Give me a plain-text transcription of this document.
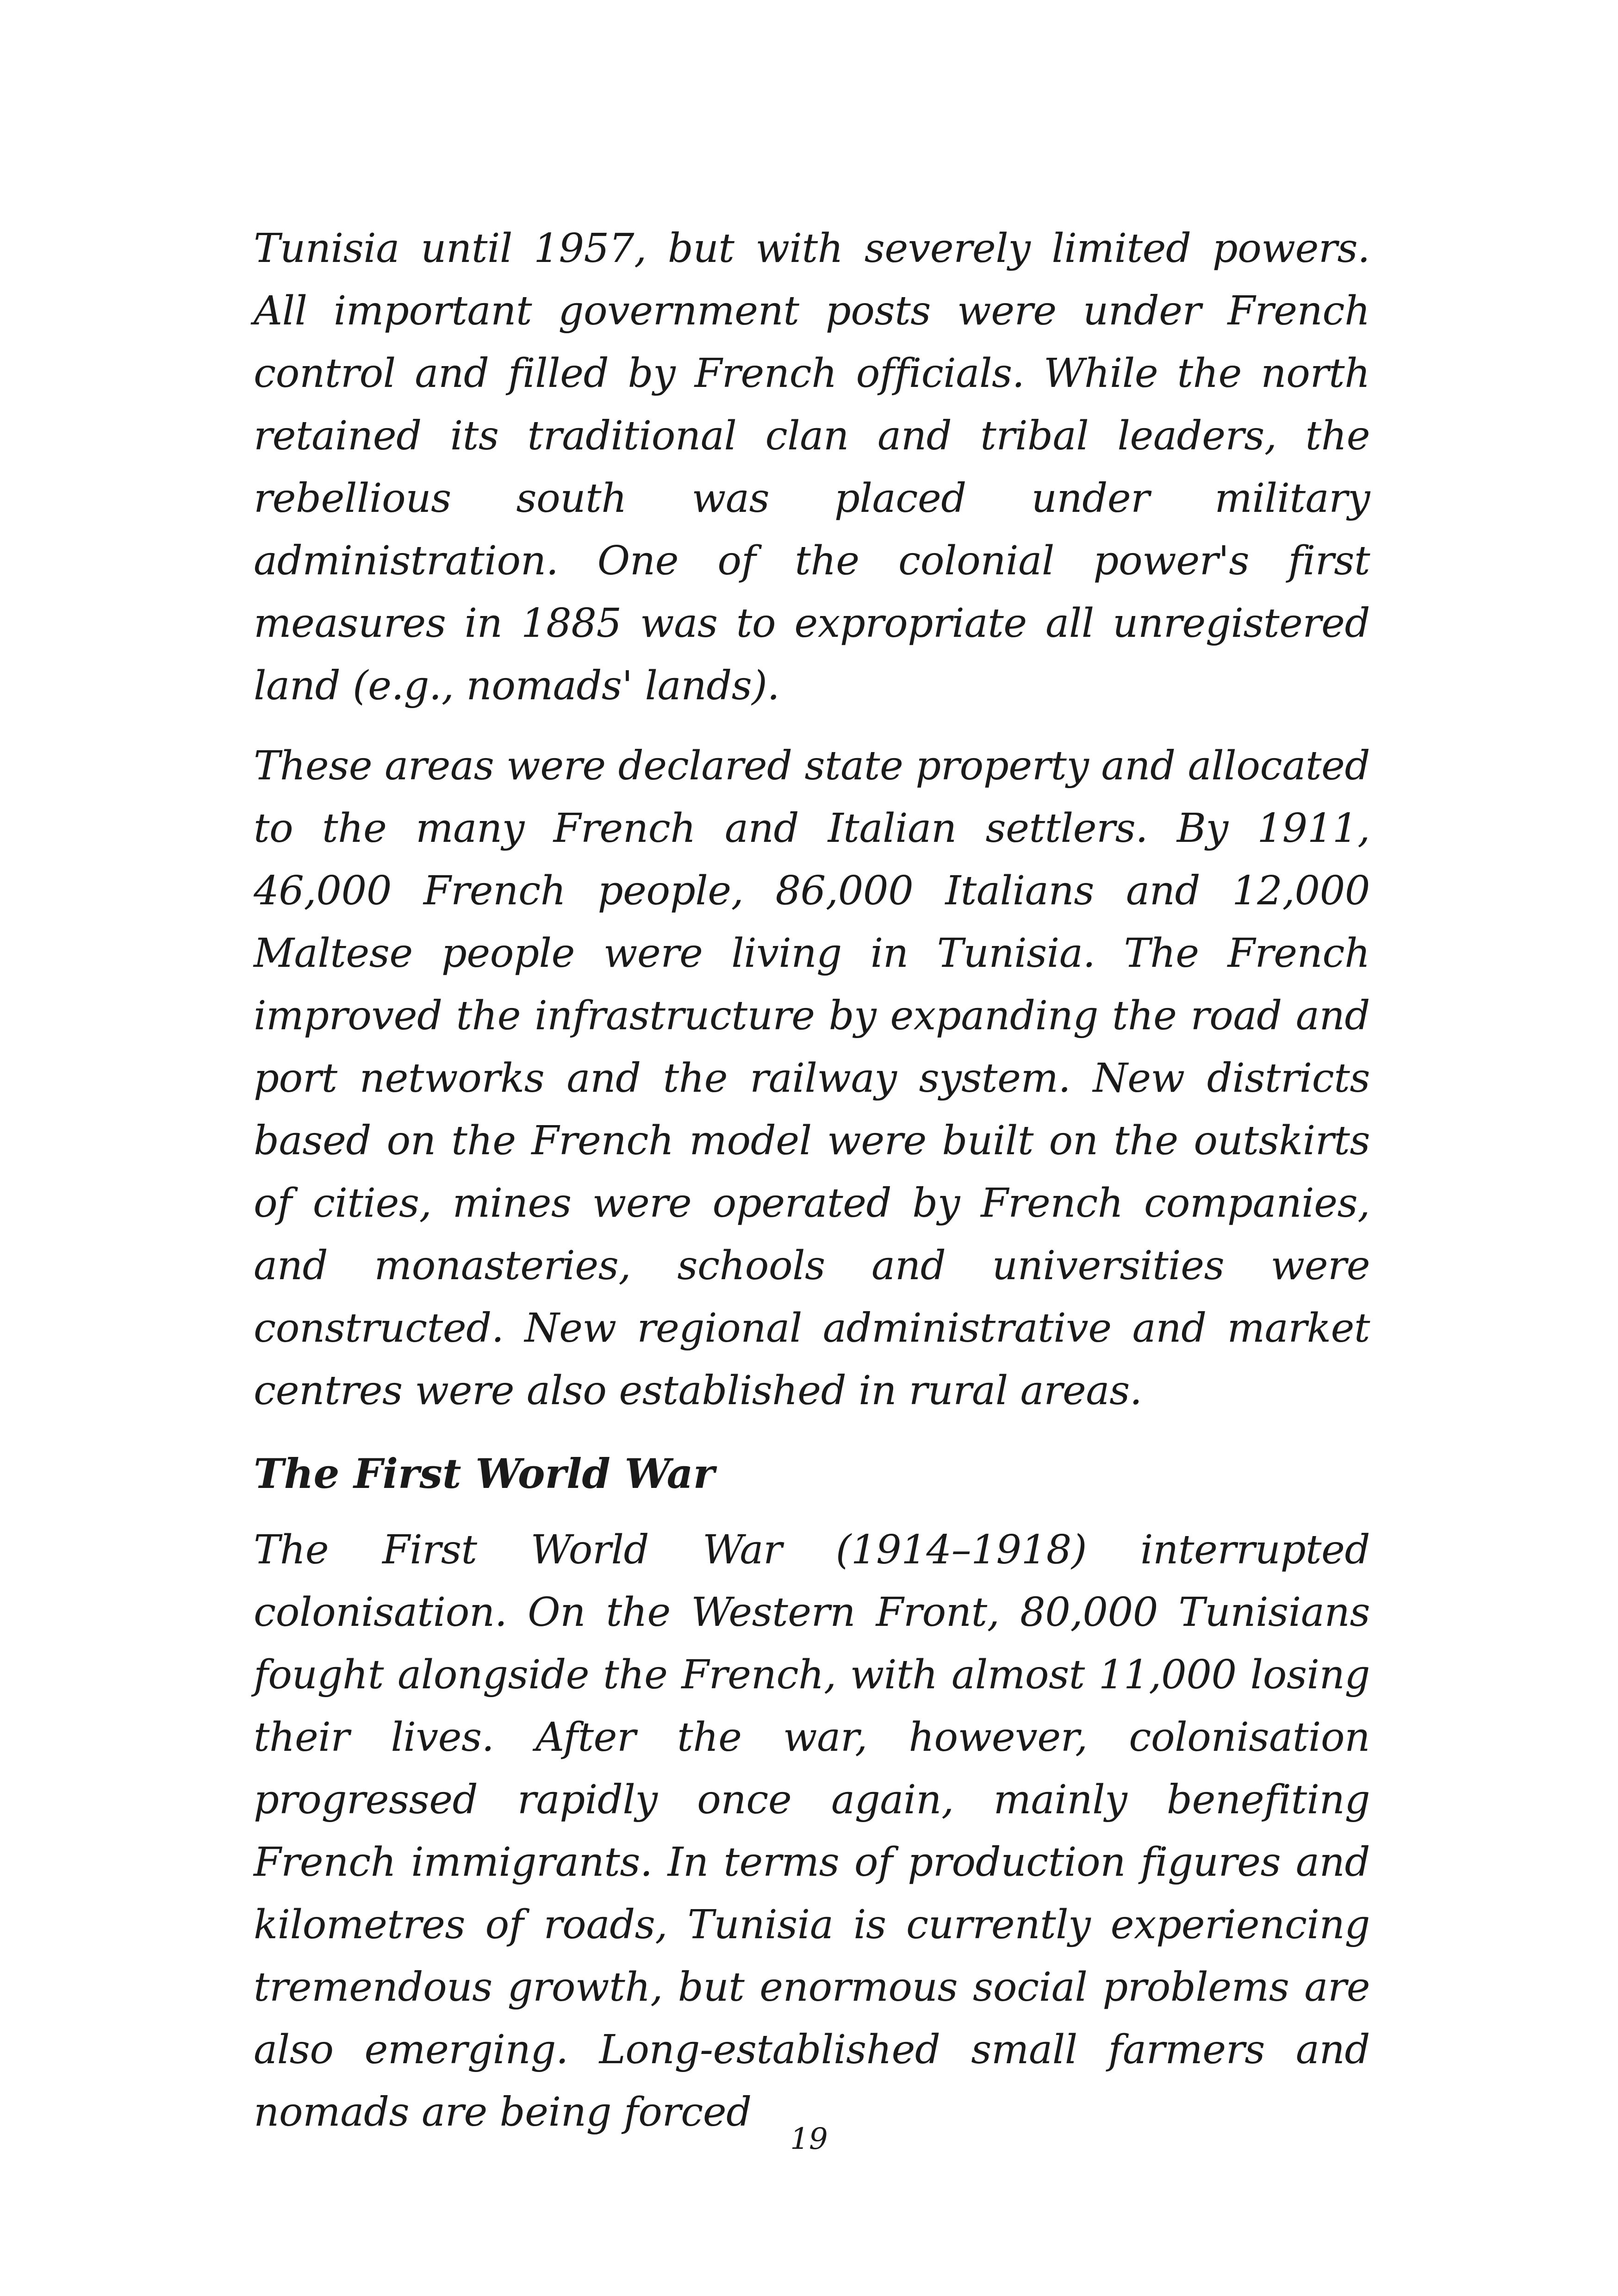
Tunisia until 1957, but with severely limited powers. All important government posts were under French control and filled by French officials. While the north retained its traditional clan and tribal leaders, the rebellious south was placed under military administration. One of the colonial power's first measures in 1885 was to expropriate all unregistered land (e.g., nomads' lands).

These areas were declared state property and allocated to the many French and Italian settlers. By 1911, 46,000 French people, 86,000 Italians and 12,000 Maltese people were living in Tunisia. The French improved the infrastructure by expanding the road and port networks and the railway system. New districts based on the French model were built on the outskirts of cities, mines were operated by French companies, and monasteries, schools and universities were constructed. New regional administrative and market centres were also established in rural areas.

The First World War

The First World War (1914–1918) interrupted colonisation. On the Western Front, 80,000 Tunisians fought alongside the French, with almost 11,000 losing their lives. After the war, however, colonisation progressed rapidly once again, mainly benefiting French immigrants. In terms of production figures and kilometres of roads, Tunisia is currently experiencing tremendous growth, but enormous social problems are also emerging. Long-established small farmers and nomads are being forced

19
